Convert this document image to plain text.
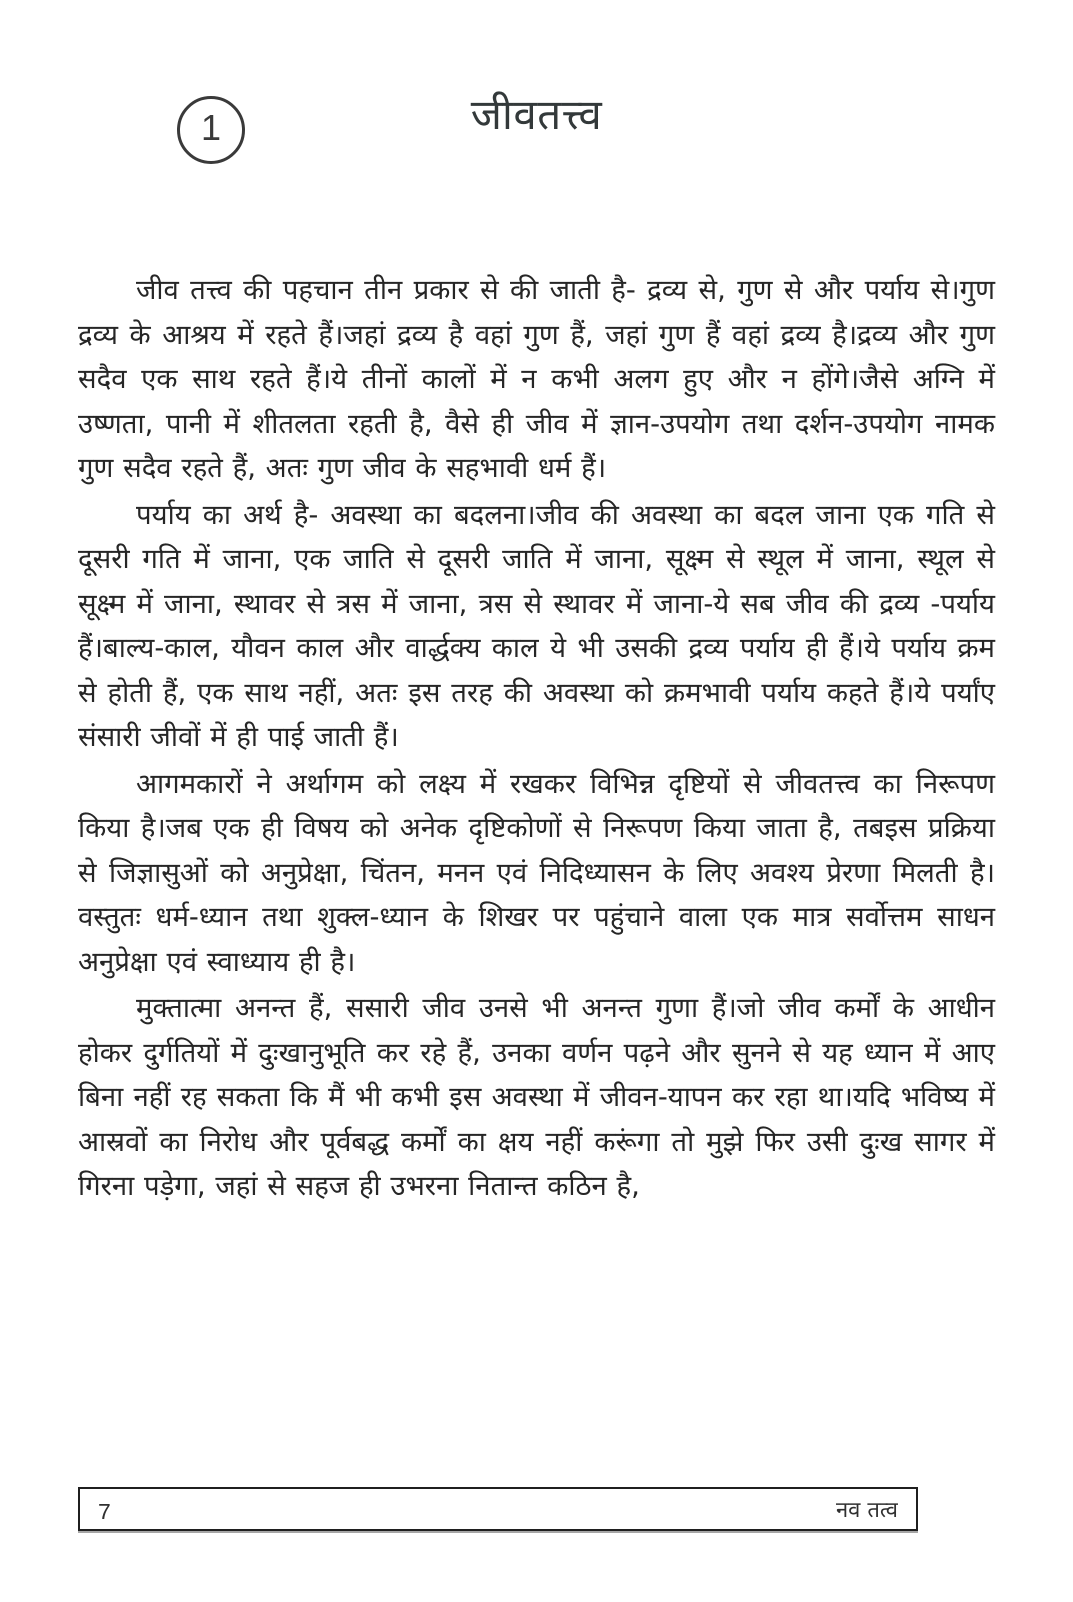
1	जीवतत्त्व

जीव तत्त्व की पहचान तीन प्रकार से की जाती है- द्रव्य से, गुण से और पर्याय से।गुण द्रव्य के आश्रय में रहते हैं।जहां द्रव्य है वहां गुण हैं, जहां गुण हैं वहां द्रव्य है।द्रव्य और गुण सदैव एक साथ रहते हैं।ये तीनों कालों में न कभी अलग हुए और न होंगे।जैसे अग्नि में उष्णता, पानी में शीतलता रहती है, वैसे ही जीव में ज्ञान-उपयोग तथा दर्शन-उपयोग नामक गुण सदैव रहते हैं, अतः गुण जीव के सहभावी धर्म हैं।

पर्याय का अर्थ है- अवस्था का बदलना।जीव की अवस्था का बदल जाना एक गति से दूसरी गति में जाना, एक जाति से दूसरी जाति में जाना, सूक्ष्म से स्थूल में जाना, स्थूल से सूक्ष्म में जाना, स्थावर से त्रस में जाना, त्रस से स्थावर में जाना-ये सब जीव की द्रव्य -पर्याय हैं।बाल्य-काल, यौवन काल और वार्द्धक्य काल ये भी उसकी द्रव्य पर्याय ही हैं।ये पर्याय क्रम से होती हैं, एक साथ नहीं, अतः इस तरह की अवस्था को क्रमभावी पर्याय कहते हैं।ये पर्यांए संसारी जीवों में ही पाई जाती हैं।

आगमकारों ने अर्थागम को लक्ष्य में रखकर विभिन्न दृष्टियों से जीवतत्त्व का निरूपण किया है।जब एक ही विषय को अनेक दृष्टिकोणों से निरूपण किया जाता है, तबइस प्रक्रिया से जिज्ञासुओं को अनुप्रेक्षा, चिंतन, मनन एवं निदिध्यासन के लिए अवश्य प्रेरणा मिलती है। वस्तुतः धर्म-ध्यान तथा शुक्ल-ध्यान के शिखर पर पहुंचाने वाला एक मात्र सर्वोत्तम साधन अनुप्रेक्षा एवं स्वाध्याय ही है।

मुक्तात्मा अनन्त हैं, ससारी जीव उनसे भी अनन्त गुणा हैं।जो जीव कर्मों के आधीन होकर दुर्गतियों में दुःखानुभूति कर रहे हैं, उनका वर्णन पढ़ने और सुनने से यह ध्यान में आए बिना नहीं रह सकता कि मैं भी कभी इस अवस्था में जीवन-यापन कर रहा था।यदि भविष्य में आस्रवों का निरोध और पूर्वबद्ध कर्मों का क्षय नहीं करूंगा तो मुझे फिर उसी दुःख सागर में गिरना पड़ेगा, जहां से सहज ही उभरना नितान्त कठिन है,

7	नव तत्व
